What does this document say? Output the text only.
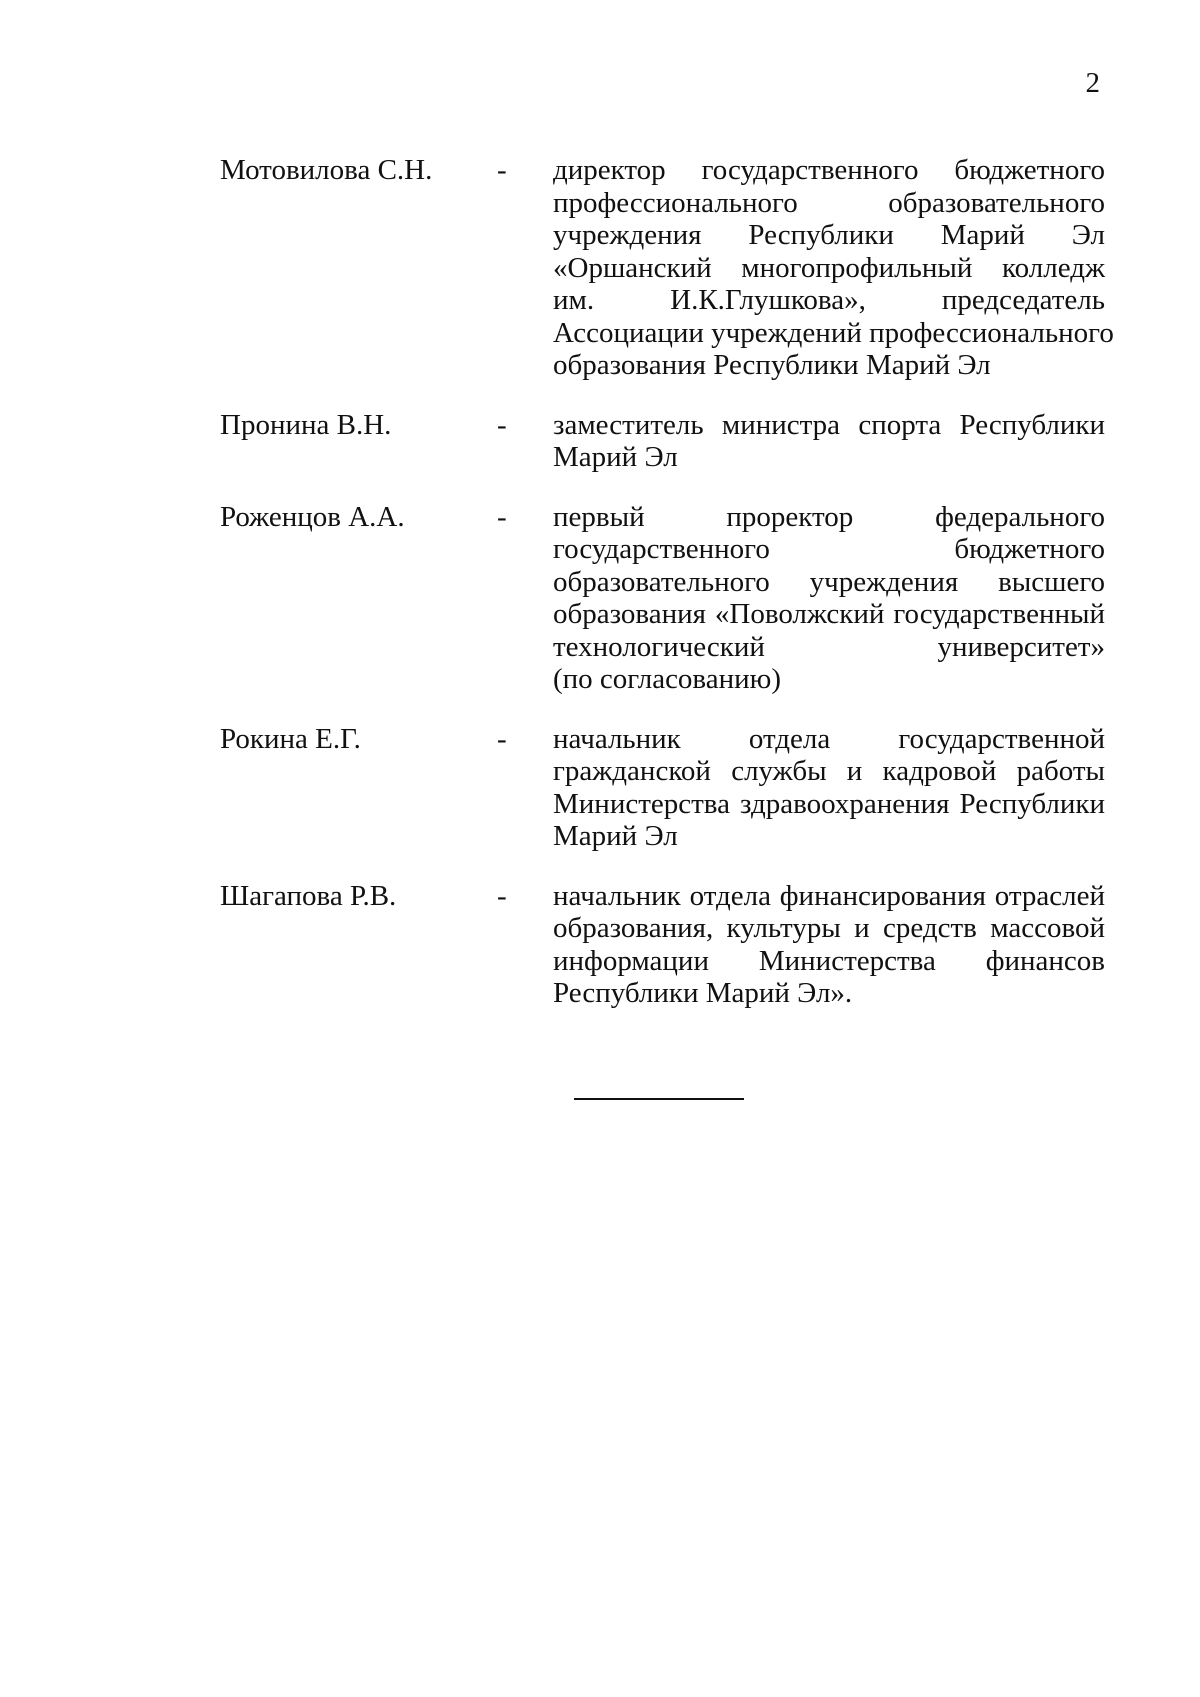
2
Мотовилова С.Н.	- директор государственного бюджетного
профессионального образовательного
учреждения Республики Марий Эл
«Оршанский многопрофильный колледж
им. И.К.Глушкова», председатель
Ассоциации учреждений профессионального
образования Республики Марий Эл
Пронина В.Н.	- заместитель министра спорта Республики
Марий Эл
Роженцов А.А.	- первый проректор федерального
государственного бюджетного
образовательного учреждения высшего
образования «Поволжский государственный
технологический университет»
(по согласованию)
Рокина Е.Г.	- начальник отдела государственной
гражданской службы и кадровой работы
Министерства здравоохранения Республики
Марий Эл
Шагапова Р.В.	- начальник отдела финансирования отраслей
образования, культуры и средств массовой
информации Министерства финансов
Республики Марий Эл».
